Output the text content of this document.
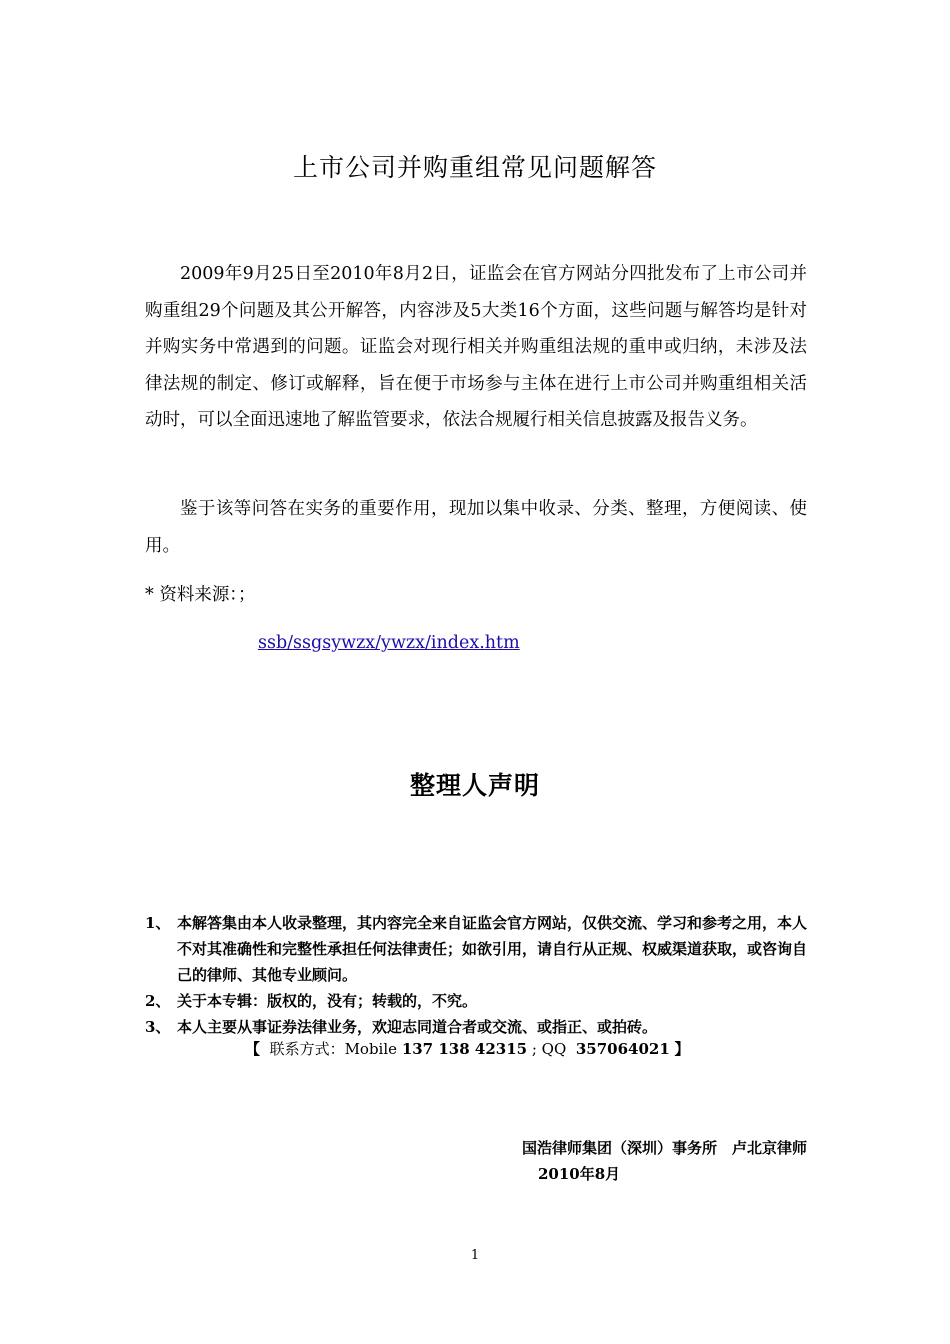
上市公司并购重组常见问题解答

2009年9月25日至2010年8月2日，证监会在官方网站分四批发布了上市公司并购重组29个问题及其公开解答，内容涉及5大类16个方面，这些问题与解答均是针对并购实务中常遇到的问题。证监会对现行相关并购重组法规的重申或归纳，未涉及法律法规的制定、修订或解释，旨在便于市场参与主体在进行上市公司并购重组相关活动时，可以全面迅速地了解监管要求，依法合规履行相关信息披露及报告义务。

鉴于该等问答在实务的重要作用，现加以集中收录、分类、整理，方便阅读、使用。

* 资料来源：；
ssb/ssgsywzx/ywzx/index.htm
整理人声明

1、 本解答集由本人收录整理，其内容完全来自证监会官方网站，仅供交流、学习和参考之用，本人不对其准确性和完整性承担任何法律责任；如欲引用，请自行从正规、权威渠道获取，或咨询自己的律师、其他专业顾问。

2、 关于本专辑：版权的，没有；转载的，不究。

3、 本人主要从事证券法律业务，欢迎志同道合者或交流、或指正、或拍砖。

【 联系方式：Mobile 137 138 42315 ; QQ 357064021 】
国浩律师集团（深圳）事务所　卢北京律师
2010年8月
1
